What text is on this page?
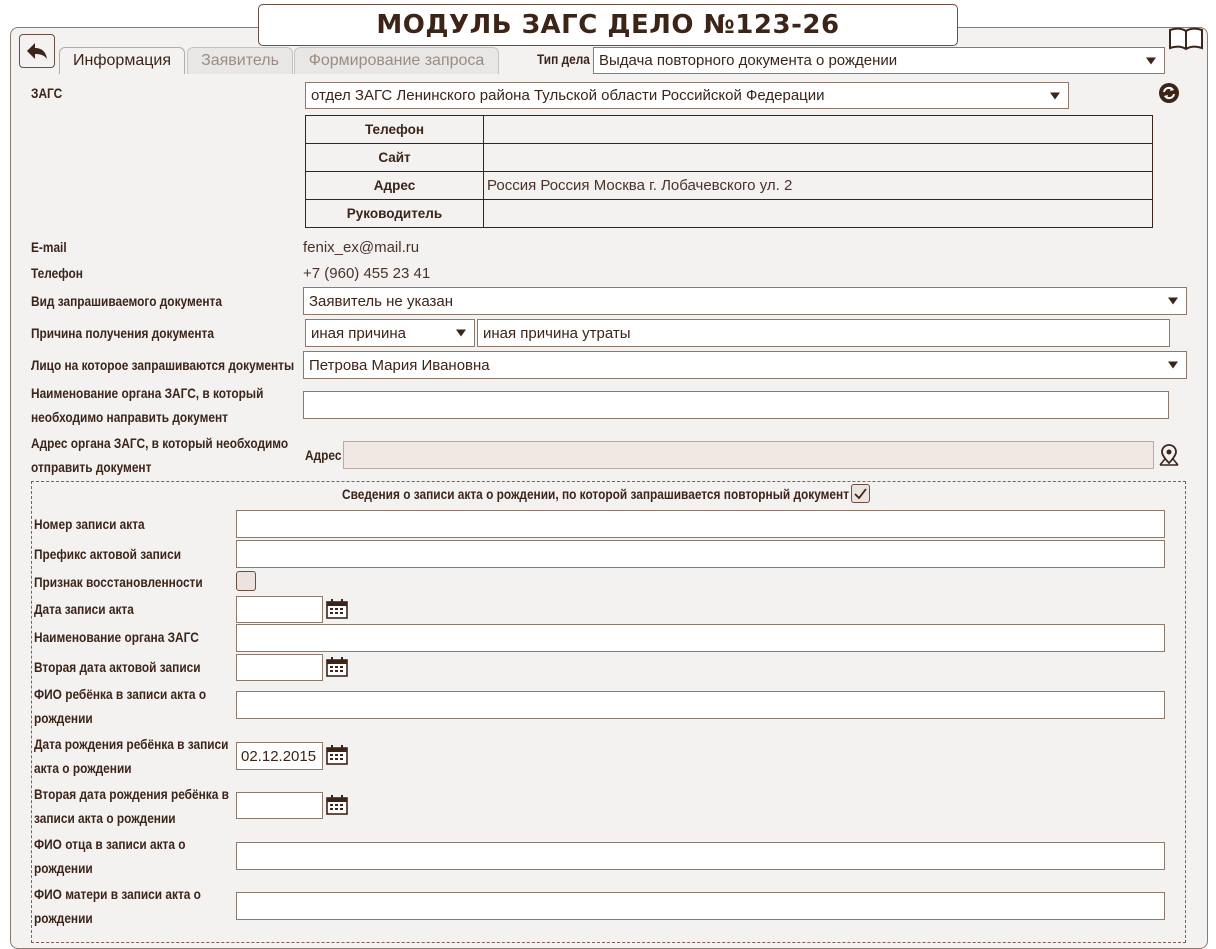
МОДУЛЬ ЗАГС ДЕЛО №123-26
Информация	Заявитель	Формирование запроса	Тип дела Выдача повторного документа о рождении
ЗАГС	отдел ЗАГС Ленинского района Тульской области Российской Федерации
Телефон	
Сайт	
Адрес	Россия Россия Москва г. Лобачевского ул. 2
Руководитель	
E-mail	fenix_ex@mail.ru
Телефон	+7 (960) 455 23 41
Вид запрашиваемого документа	Заявитель не указан
Причина получения документа	иная причина	иная причина утраты
Лицо на которое запрашиваются документы Петрова Мария Ивановна
Наименование органа ЗАГС, в который
необходимо направить документ
Адрес органа ЗАГС, в который необходимо
отправить документ
Адрес
Сведения о записи акта о рождении, по которой запрашивается повторный документ
Номер записи акта
Префикс актовой записи
Признак восстановленности
Дата записи акта
Наименование органа ЗАГС
Вторая дата актовой записи
ФИО ребёнка в записи акта о
рождении
Дата рождения ребёнка в записи
акта о рождении
02.12.2015
Вторая дата рождения ребёнка в
записи акта о рождении
ФИО отца в записи акта о
рождении
ФИО матери в записи акта о
рождении
